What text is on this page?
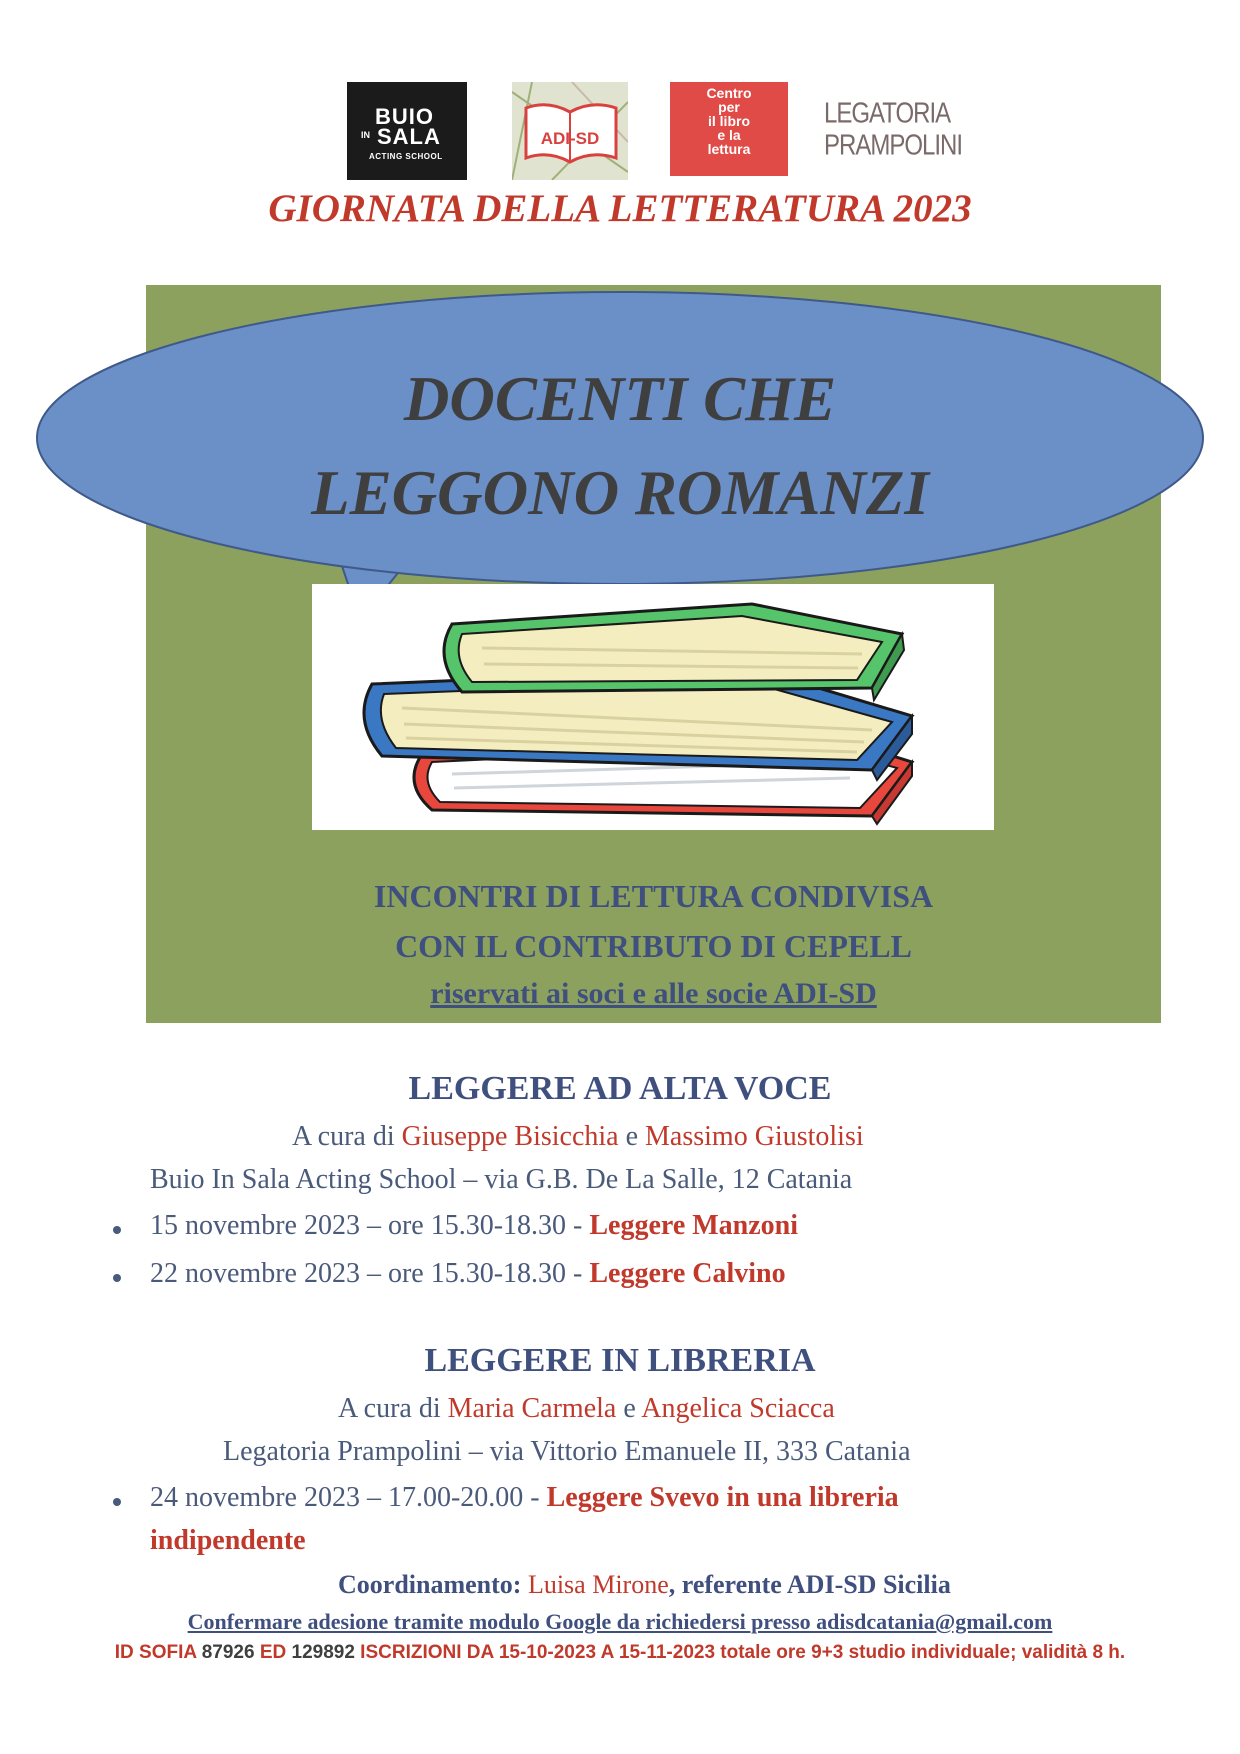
BUIO
IN SALA
ACTING SCHOOL
ADI-SD
Centro
per
il libro
e la
lettura
LEGATORIA
PRAMPOLINI
GIORNATA DELLA LETTERATURA 2023
DOCENTI CHE
LEGGONO ROMANZI
INCONTRI DI LETTURA CONDIVISA
CON IL CONTRIBUTO DI CEPELL
riservati ai soci e alle socie ADI-SD
LEGGERE AD ALTA VOCE
A cura di Giuseppe Bisicchia e Massimo Giustolisi
Buio In Sala Acting School – via G.B. De La Salle, 12 Catania
15 novembre 2023 – ore 15.30-18.30 - Leggere Manzoni
22 novembre 2023 – ore 15.30-18.30 - Leggere Calvino
LEGGERE IN LIBRERIA
A cura di Maria Carmela e Angelica Sciacca
Legatoria Prampolini – via Vittorio Emanuele II, 333 Catania
24 novembre 2023 – 17.00-20.00 - Leggere Svevo in una libreria
indipendente
Coordinamento: Luisa Mirone, referente ADI-SD Sicilia
Confermare adesione tramite modulo Google da richiedersi presso adisdcatania@gmail.com
ID SOFIA 87926 ED 129892 ISCRIZIONI DA 15-10-2023 A 15-11-2023 totale ore 9+3 studio individuale; validità 8 h.
